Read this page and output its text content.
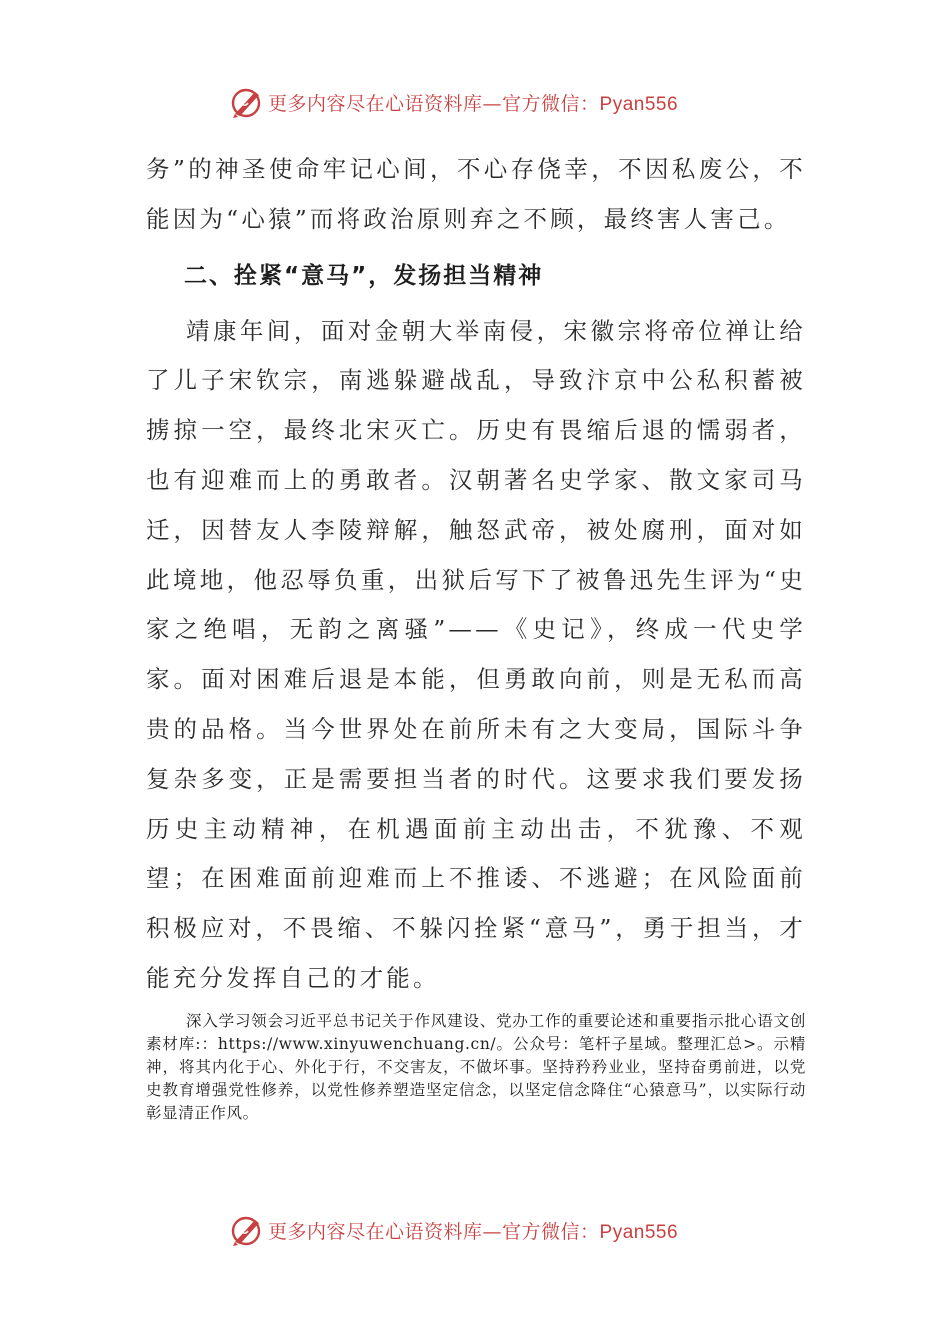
更多内容尽在心语资料库—官方微信：Pyan556

务”的神圣使命牢记心间，不心存侥幸，不因私废公，不能因为“心猿”而将政治原则弃之不顾，最终害人害己。

二、拴紧“意马”，发扬担当精神

靖康年间，面对金朝大举南侵，宋徽宗将帝位禅让给了儿子宋钦宗，南逃躲避战乱，导致汴京中公私积蓄被掳掠一空，最终北宋灭亡。历史有畏缩后退的懦弱者，也有迎难而上的勇敢者。汉朝著名史学家、散文家司马迁，因替友人李陵辩解，触怒武帝，被处腐刑，面对如此境地，他忍辱负重，出狱后写下了被鲁迅先生评为“史家之绝唱，无韵之离骚”——《史记》，终成一代史学家。面对困难后退是本能，但勇敢向前，则是无私而高贵的品格。当今世界处在前所未有之大变局，国际斗争复杂多变，正是需要担当者的时代。这要求我们要发扬历史主动精神，在机遇面前主动出击，不犹豫、不观望；在困难面前迎难而上不推诿、不逃避；在风险面前积极应对，不畏缩、不躲闪拴紧“意马”，勇于担当，才能充分发挥自己的才能。

深入学习领会习近平总书记关于作风建设、党办工作的重要论述和重要指示批心语文创素材库:：https://www.xinyuwenchuang.cn/。公众号：笔杆子星域。整理汇总>。示精神，将其内化于心、外化于行，不交害友，不做坏事。坚持矜矜业业，坚持奋勇前进，以党史教育增强党性修养，以党性修养塑造坚定信念，以坚定信念降住“心猿意马”，以实际行动彰显清正作风。

更多内容尽在心语资料库—官方微信：Pyan556
